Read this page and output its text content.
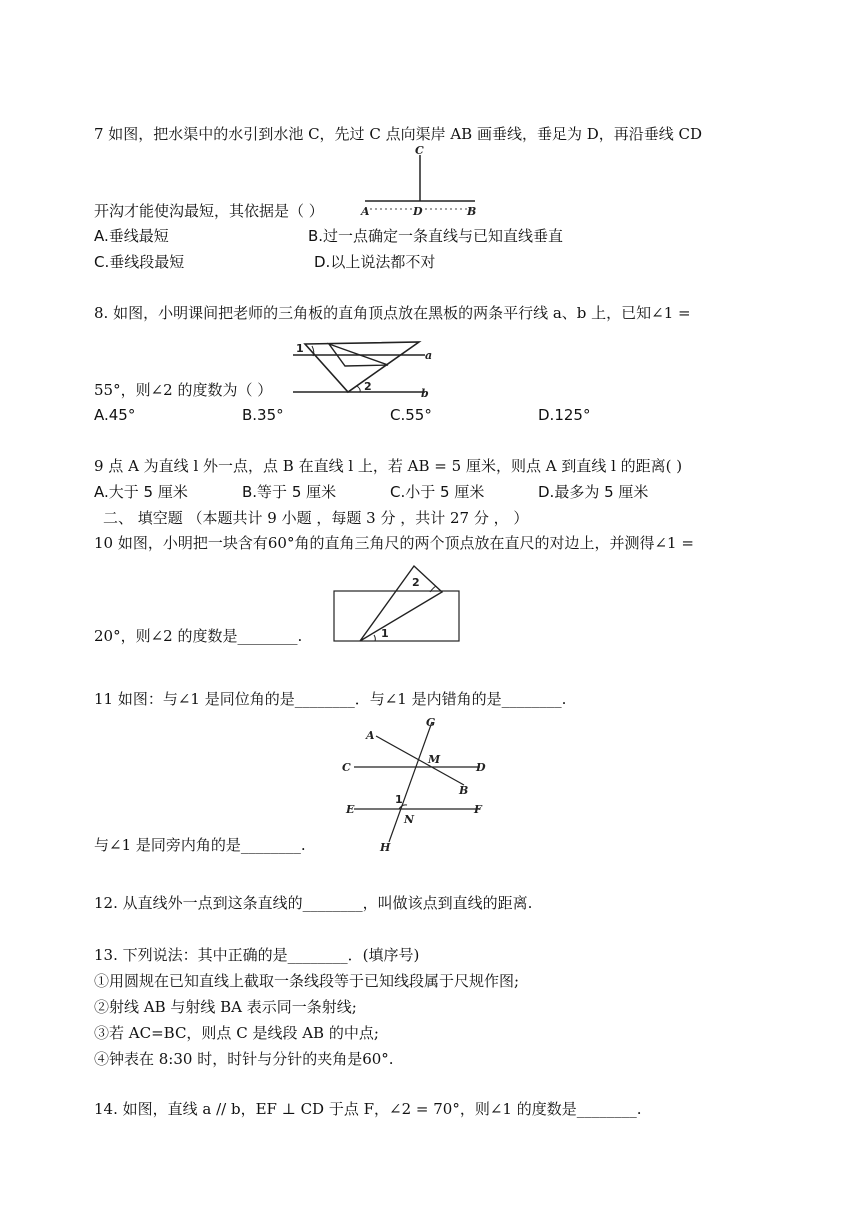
7 如图，把水渠中的水引到水池 C，先过 C 点向渠岸 AB 画垂线，垂足为 D，再沿垂线 CD
C
A	D	B
开沟才能使沟最短，其依据是（ ）
A.垂线最短	B.过一点确定一条直线与已知直线垂直
C.垂线段最短	D.以上说法都不对
8. 如图，小明课间把老师的三角板的直角顶点放在黑板的两条平行线 a、b 上，已知∠1 =
1
2
a
b
55°，则∠2 的度数为（ ）
A.45°	B.35°	C.55°	D.125°
9 点 A 为直线 l 外一点，点 B 在直线 l 上，若 AB = 5 厘米，则点 A 到直线 l 的距离( )
A.大于 5 厘米	B.等于 5 厘米	C.小于 5 厘米	D.最多为 5 厘米
二、 填空题 （本题共计 9 小题 ，每题 3 分 ，共计 27 分 ， ）
10 如图，小明把一块含有60°角的直角三角尺的两个顶点放在直尺的对边上，并测得∠1 =
1
2
20°，则∠2 的度数是________.
11 如图：与∠1 是同位角的是________．与∠1 是内错角的是________.
G
A
M
C	D
B
E
1
F
N
H
与∠1 是同旁内角的是________.
12. 从直线外一点到这条直线的________，叫做该点到直线的距离.
13. 下列说法：其中正确的是________．(填序号)
①用圆规在已知直线上截取一条线段等于已知线段属于尺规作图;
②射线 AB 与射线 BA 表示同一条射线;
③若 AC=BC，则点 C 是线段 AB 的中点;
④钟表在 8:30 时，时针与分针的夹角是60°.
14. 如图，直线 a // b，EF ⊥ CD 于点 F，∠2 = 70°，则∠1 的度数是________.
